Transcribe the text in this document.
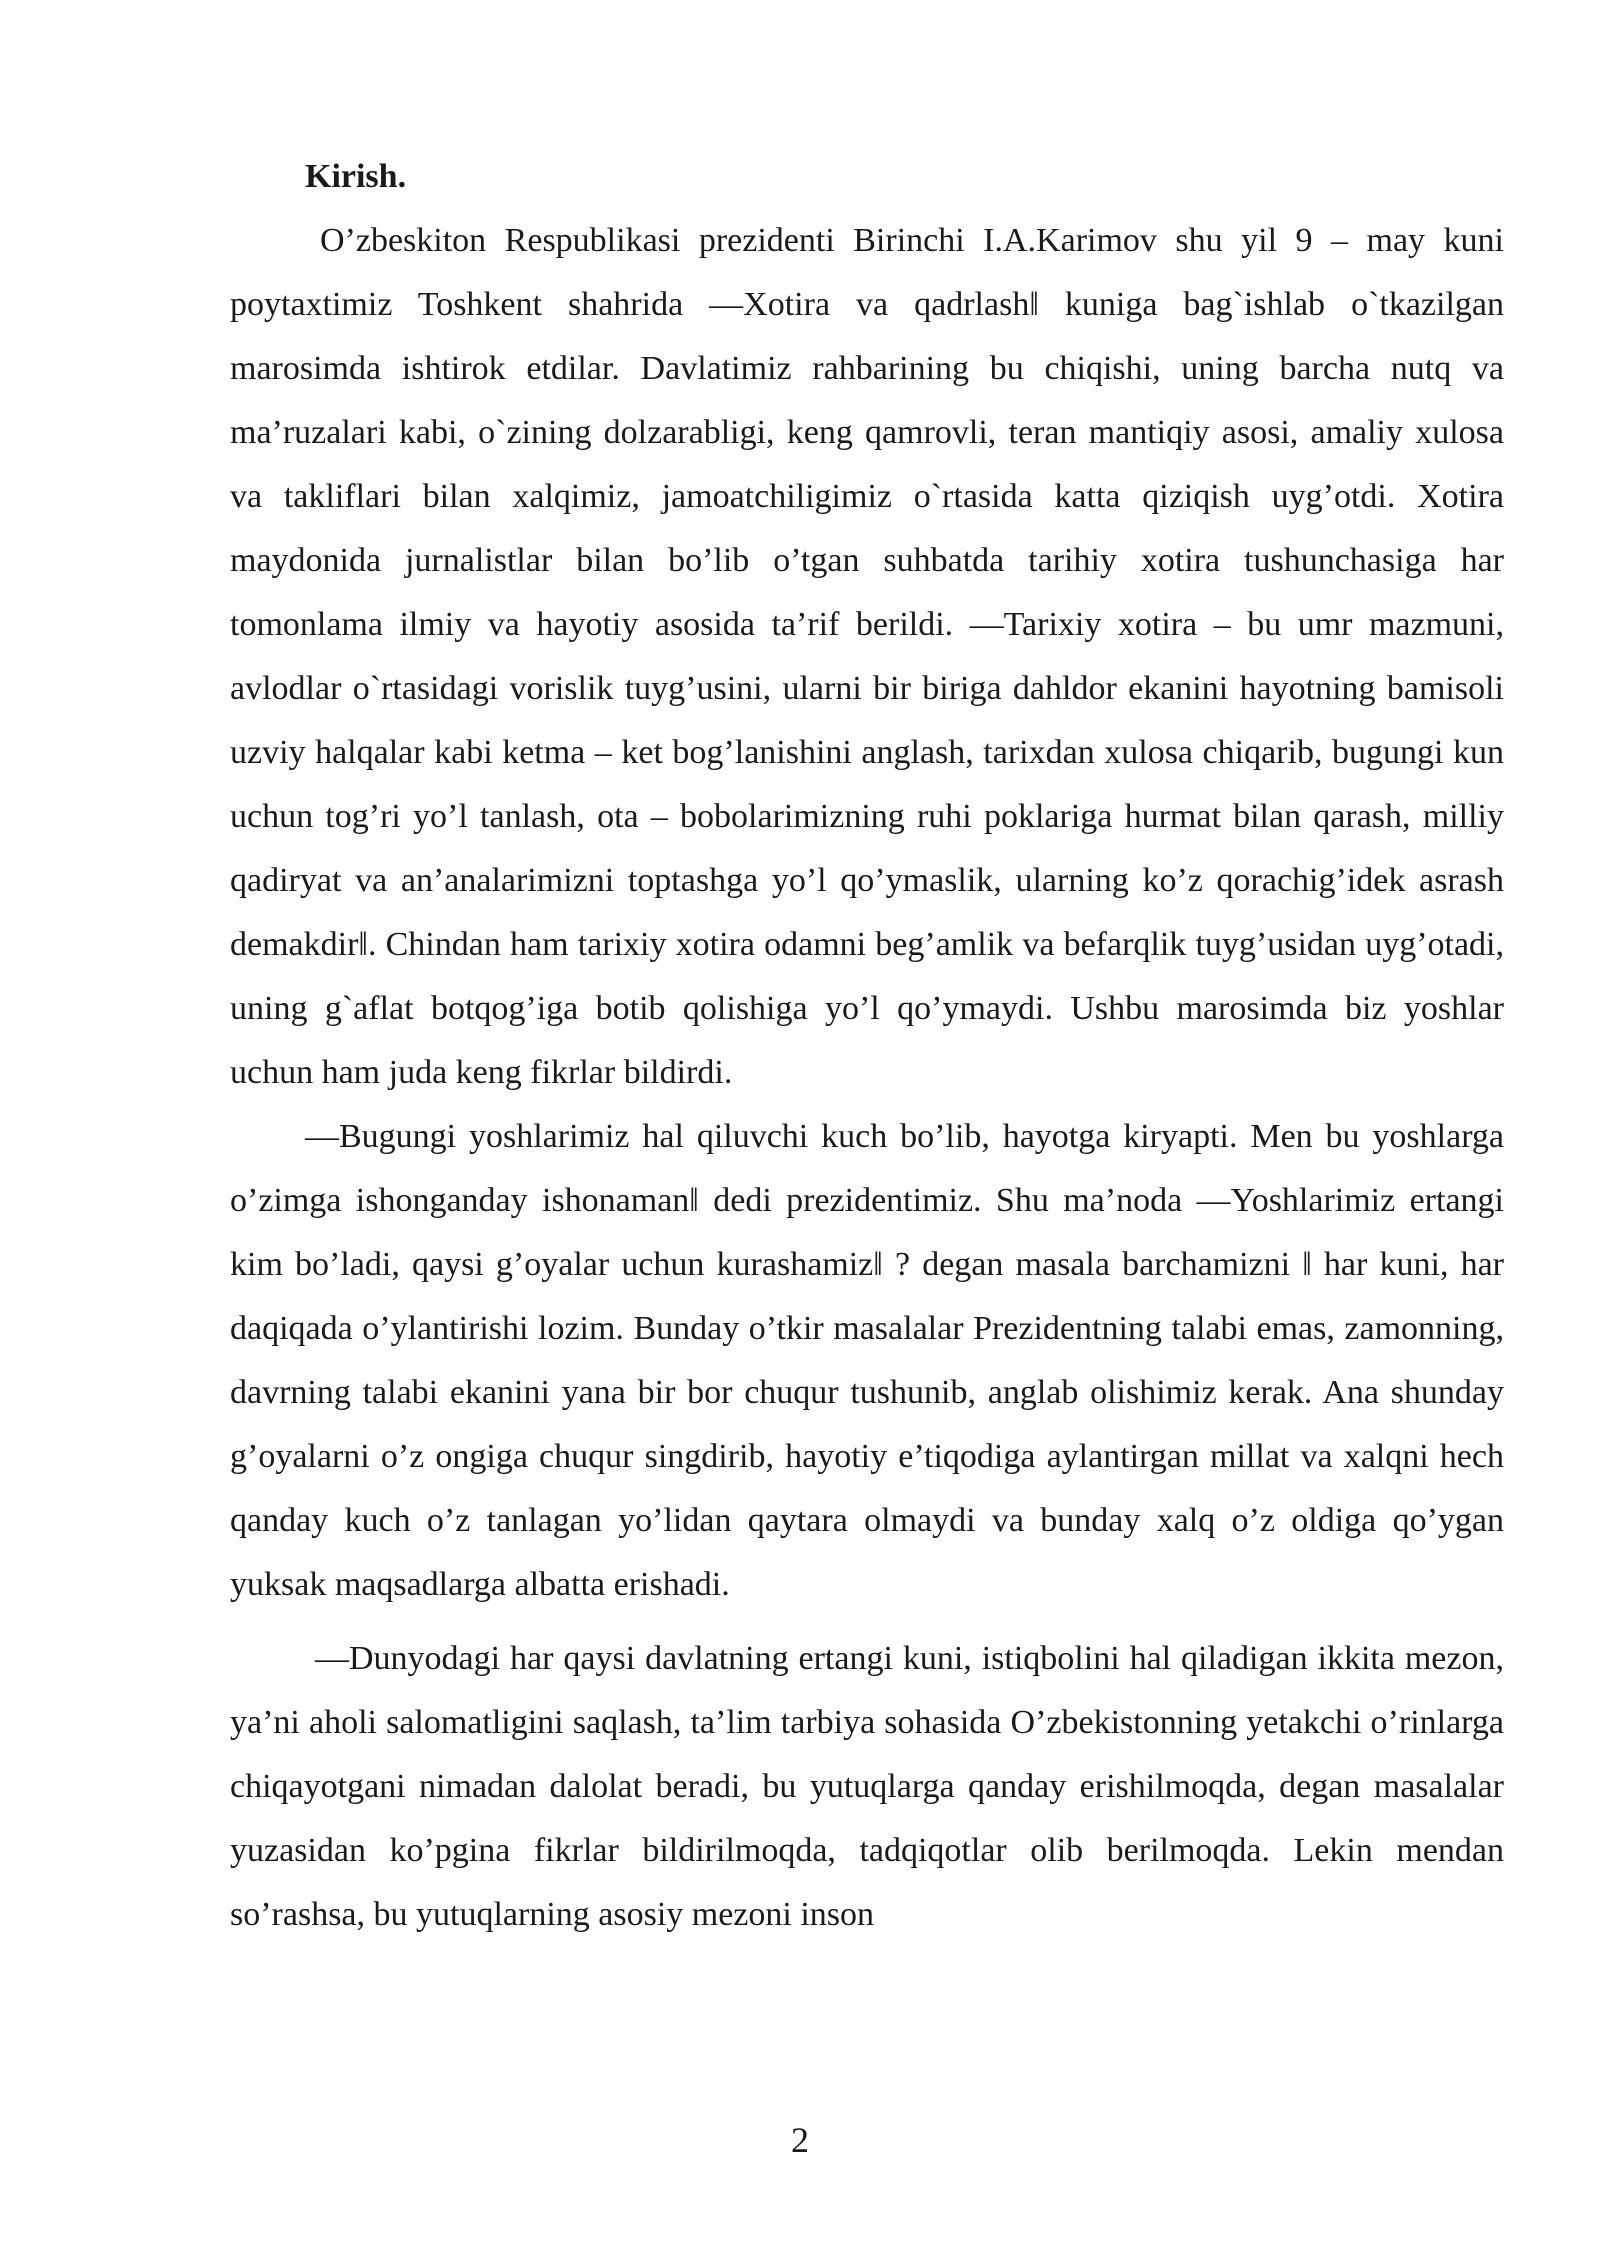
Kirish.

O’zbeskiton Respublikasi prezidenti Birinchi I.A.Karimov shu yil 9 – may kuni poytaxtimiz Toshkent shahrida ―Xotira va qadrlash‖ kuniga bag`ishlab o`tkazilgan marosimda ishtirok etdilar. Davlatimiz rahbarining bu chiqishi, uning barcha nutq va ma’ruzalari kabi, o`zining dolzarabligi, keng qamrovli, teran mantiqiy asosi, amaliy xulosa va takliflari bilan xalqimiz, jamoatchiligimiz o`rtasida katta qiziqish uyg’otdi. Xotira maydonida jurnalistlar bilan bo’lib o’tgan suhbatda tarihiy xotira tushunchasiga har tomonlama ilmiy va hayotiy asosida ta’rif berildi. ―Tarixiy xotira – bu umr mazmuni, avlodlar o`rtasidagi vorislik tuyg’usini, ularni bir biriga dahldor ekanini hayotning bamisoli uzviy halqalar kabi ketma – ket bog’lanishini anglash, tarixdan xulosa chiqarib, bugungi kun uchun tog’ri yo’l tanlash, ota – bobolarimizning ruhi poklariga hurmat bilan qarash, milliy qadiryat va an’analarimizni toptashga yo’l qo’ymaslik, ularning ko’z qorachig’idek asrash demakdir‖. Chindan ham tarixiy xotira odamni beg’amlik va befarqlik tuyg’usidan uyg’otadi, uning g`aflat botqog’iga botib qolishiga yo’l qo’ymaydi. Ushbu marosimda biz yoshlar uchun ham juda keng fikrlar bildirdi.

―Bugungi yoshlarimiz hal qiluvchi kuch bo’lib, hayotga kiryapti. Men bu yoshlarga o’zimga ishonganday ishonaman‖ dedi prezidentimiz. Shu ma’noda ―Yoshlarimiz ertangi kim bo’ladi, qaysi g’oyalar uchun kurashamiz‖ ? degan masala barchamizni ‖ har kuni, har daqiqada o’ylantirishi lozim. Bunday o’tkir masalalar Prezidentning talabi emas, zamonning, davrning talabi ekanini yana bir bor chuqur tushunib, anglab olishimiz kerak. Ana shunday g’oyalarni o’z ongiga chuqur singdirib, hayotiy e’tiqodiga aylantirgan millat va xalqni hech qanday kuch o’z tanlagan yo’lidan qaytara olmaydi va bunday xalq o’z oldiga qo’ygan yuksak maqsadlarga albatta erishadi.

―Dunyodagi har qaysi davlatning ertangi kuni, istiqbolini hal qiladigan ikkita mezon, ya’ni aholi salomatligini saqlash, ta’lim tarbiya sohasida O’zbekistonning yetakchi o’rinlarga chiqayotgani nimadan dalolat beradi, bu yutuqlarga qanday erishilmoqda, degan masalalar yuzasidan ko’pgina fikrlar bildirilmoqda, tadqiqotlar olib berilmoqda. Lekin mendan so’rashsa, bu yutuqlarning asosiy mezoni inson

2
